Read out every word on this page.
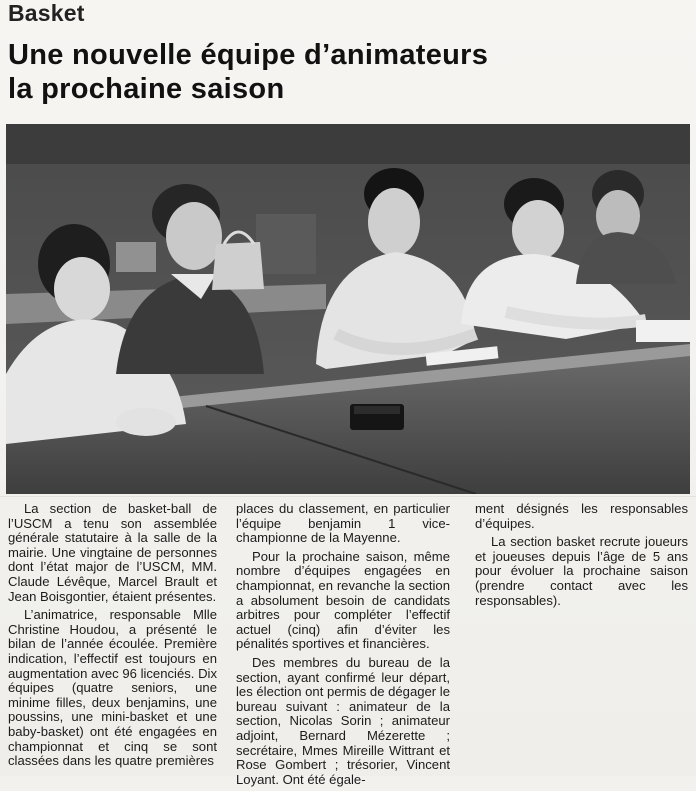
Basket
Une nouvelle équipe d’animateurs
la prochaine saison

La section de basket-ball de l’USCM a tenu son assemblée générale statutaire à la salle de la mairie. Une vingtaine de personnes dont l’état major de l’USCM, MM. Claude Lévêque, Marcel Brault et Jean Boisgontier, étaient présentes.

L’animatrice, responsable Mlle Christine Houdou, a présenté le bilan de l’année écoulée. Première indication, l’effectif est toujours en augmentation avec 96 licenciés. Dix équipes (quatre seniors, une minime filles, deux benjamins, une poussins, une mini-basket et une baby-basket) ont été engagées en championnat et cinq se sont classées dans les quatre premières

places du classement, en particulier l’équipe benjamin 1 vice-championne de la Mayenne.

Pour la prochaine saison, même nombre d’équipes engagées en championnat, en revanche la section a absolument besoin de candidats arbitres pour compléter l’effectif actuel (cinq) afin d’éviter les pénalités sportives et financières.

Des membres du bureau de la section, ayant confirmé leur départ, les élection ont permis de dégager le bureau suivant : animateur de la section, Nicolas Sorin ; animateur adjoint, Bernard Mézerette ; secrétaire, Mmes Mireille Wittrant et Rose Gombert ; trésorier, Vincent Loyant. Ont été égale-

ment désignés les responsables d’équipes.

La section basket recrute joueurs et joueuses depuis l’âge de 5 ans pour évoluer la prochaine saison (prendre contact avec les responsables).
